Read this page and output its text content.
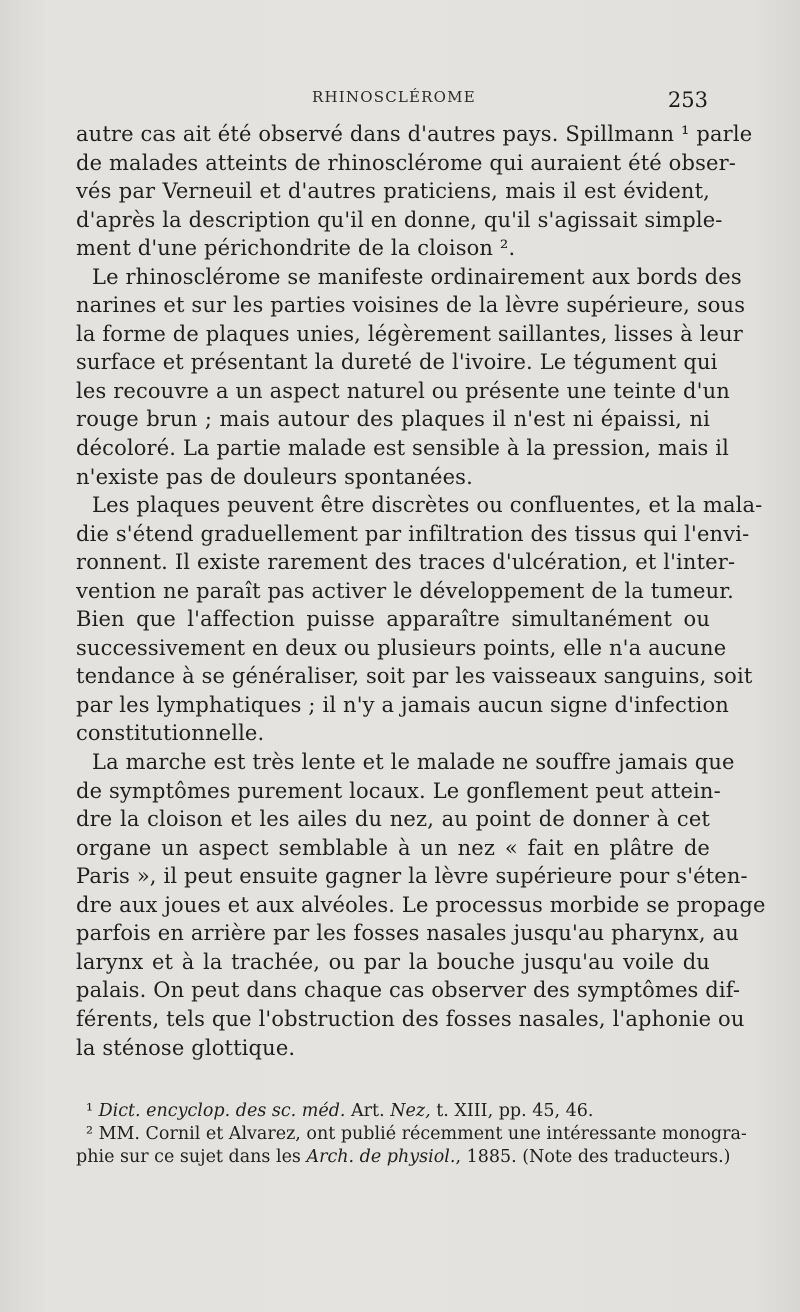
RHINOSCLÉROME	253
autre cas ait été observé dans d'autres pays. Spillmann ¹ parle
de malades atteints de rhinosclérome qui auraient été obser-
vés par Verneuil et d'autres praticiens, mais il est évident,
d'après la description qu'il en donne, qu'il s'agissait simple-
ment d'une périchondrite de la cloison ².
Le rhinosclérome se manifeste ordinairement aux bords des
narines et sur les parties voisines de la lèvre supérieure, sous
la forme de plaques unies, légèrement saillantes, lisses à leur
surface et présentant la dureté de l'ivoire. Le tégument qui
les recouvre a un aspect naturel ou présente une teinte d'un
rouge brun ; mais autour des plaques il n'est ni épaissi, ni
décoloré. La partie malade est sensible à la pression, mais il
n'existe pas de douleurs spontanées.
Les plaques peuvent être discrètes ou confluentes, et la mala-
die s'étend graduellement par infiltration des tissus qui l'envi-
ronnent. Il existe rarement des traces d'ulcération, et l'inter-
vention ne paraît pas activer le développement de la tumeur.
Bien que l'affection puisse apparaître simultanément ou
successivement en deux ou plusieurs points, elle n'a aucune
tendance à se généraliser, soit par les vaisseaux sanguins, soit
par les lymphatiques ; il n'y a jamais aucun signe d'infection
constitutionnelle.
La marche est très lente et le malade ne souffre jamais que
de symptômes purement locaux. Le gonflement peut attein-
dre la cloison et les ailes du nez, au point de donner à cet
organe un aspect semblable à un nez « fait en plâtre de
Paris », il peut ensuite gagner la lèvre supérieure pour s'éten-
dre aux joues et aux alvéoles. Le processus morbide se propage
parfois en arrière par les fosses nasales jusqu'au pharynx, au
larynx et à la trachée, ou par la bouche jusqu'au voile du
palais. On peut dans chaque cas observer des symptômes dif-
férents, tels que l'obstruction des fosses nasales, l'aphonie ou
la sténose glottique.
¹ Dict. encyclop. des sc. méd. Art. Nez, t. XIII, pp. 45, 46.
² MM. Cornil et Alvarez, ont publié récemment une intéressante monogra-
phie sur ce sujet dans les Arch. de physiol., 1885. (Note des traducteurs.)
